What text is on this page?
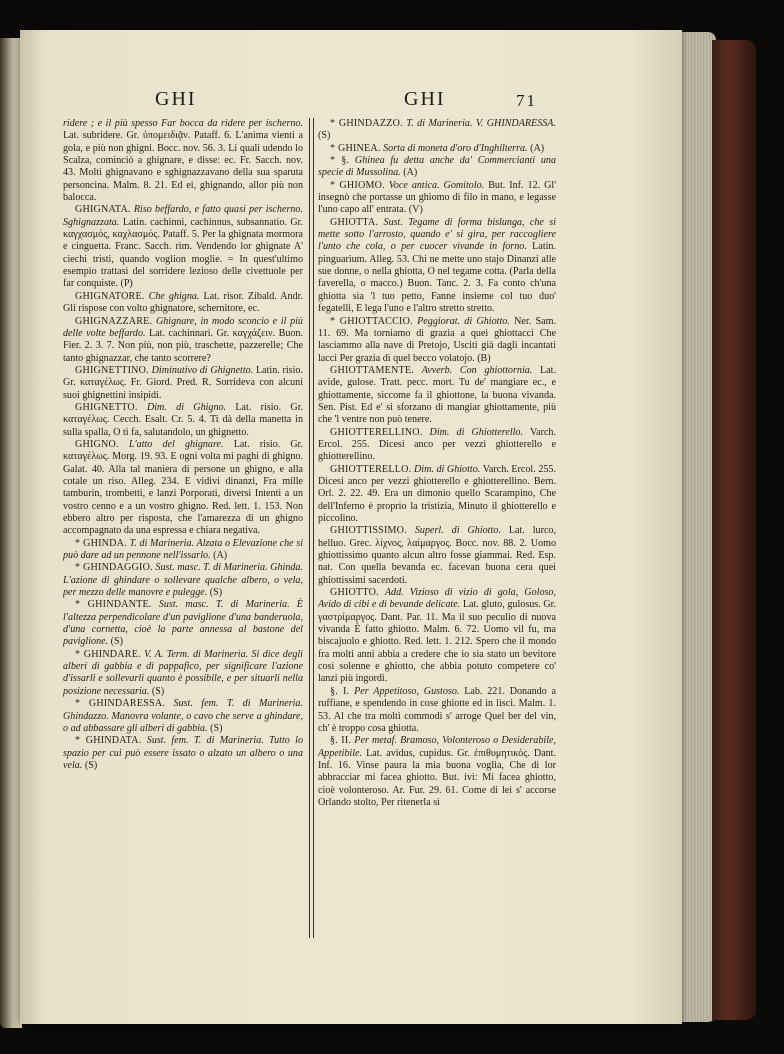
GHI	GHI	71

ridere ; e il più spesso Far bocca da ridere per ischerno. Lat. subridere. Gr. ὑπομειδιᾷν. Pataff. 6. L'anima vienti a gola, e più non ghigni. Bocc. nov. 56. 3. Li quali udendo lo Scalza, cominciò a ghignare, e disse: ec. Fr. Sacch. nov. 43. Molti ghignavano e sghignazzavano della sua sparuta personcina. Malm. 8. 21. Ed ei, ghignando, allor più non balocca.

GHIGNATA. Riso beffardo, e fatto quasi per ischerno. Sghignazzata. Latin. cachinni, cachinnus, subsannatio. Gr. καγχασμός, καχλασμός. Pataff. 5. Per la ghignata mormora e cinguetta. Franc. Sacch. rim. Vendendo lor ghignate A' ciechi tristi, quando voglion moglie. = In quest'ultimo esempio trattasi del sorridere lezioso delle civettuole per far conquiste. (P)

GHIGNATORE. Che ghigna. Lat. risor. Zibald. Andr. Gli rispose con volto ghignatore, schernitore, ec.

GHIGNAZZARE. Ghignare, in modo sconcio e il più delle volte beffardo. Lat. cachinnari. Gr. καγχάζειν. Buon. Fier. 2. 3. 7. Non più, non più, traschette, pazzerelle; Che tanto ghignazzar, che tanto scorrere?

GHIGNETTINO. Diminutivo di Ghignetto. Latin. risio. Gr. καταγέλως. Fr. Giord. Pred. R. Sorrideva con alcuni suoi ghignettini insipidi.

GHIGNETTO. Dim. di Ghigno. Lat. risio. Gr. καταγέλως. Cecch. Esalt. Cr. 5. 4. Ti dà della manetta in sulla spalla, O ti fa, salutandolo, un ghignetto.

GHIGNO. L'atto del ghignare. Lat. risio. Gr. καταγέλως. Morg. 19. 93. E ogni volta mi paghi di ghigno. Galat. 40. Alla tal maniera di persone un ghigno, e alla cotale un riso. Alleg. 234. E vidivi dinanzi, Fra mille tamburin, trombetti, e lanzi Porporati, diversi Intenti a un vostro cenno e a un vostro ghigno. Red. lett. 1. 153. Non ebbero altro per risposta, che l'amarezza di un ghigno accompagnato da una espressa e chiara negativa.

* GHINDA. T. di Marineria. Alzata o Elevazione che si può dare ad un pennone nell'issarlo. (A)

* GHINDAGGIO. Sust. masc. T. di Marineria. Ghinda. L'azione di ghindare o sollevare qualche albero, o vela, per mezzo delle manovre e pulegge. (S)

* GHINDANTE. Sust. masc. T. di Marineria. È l'altezza perpendicolare d'un paviglione d'una banderuola, d'una cornetta, cioè la parte annessa al bastone del paviglione. (S)

* GHINDARE. V. A. Term. di Marineria. Si dice degli alberi di gabbia e di pappafico, per significare l'azione d'issarli e sollevarli quanto è possibile, e per situarli nella posizione necessaria. (S)

* GHINDARESSA. Sust. fem. T. di Marineria. Ghindazzo. Manovra volante, o cavo che serve a ghindare, o ad abbassare gli alberi di gabbia. (S)

* GHINDATA. Sust. fem. T. di Marineria. Tutto lo spazio per cui può essere issato o alzato un albero o una vela. (S)

* GHINDAZZO. T. di Marineria. V. GHINDARESSA. (S)

* GHINEA. Sorta di moneta d'oro d'Inghilterra. (A)

* §. Ghinea fu detta anche da' Commercianti una specie di Mussolina. (A)

* GHIOMO. Voce antica. Gomitolo. But. Inf. 12. Gl' insegnò che portasse un ghiomo di filo in mano, e legasse l'uno capo all' entrata. (V)

GHIOTTA. Sust. Tegame di forma bislunga, che si mette sotto l'arrosto, quando e' si gira, per raccogliere l'unto che cola, o per cuocer vivande in forno. Latin. pinguarium. Alleg. 53. Chi ne mette uno stajo Dinanzi alle sue donne, o nella ghiotta, O nel tegame cotta. (Parla della faverella, o macco.) Buon. Tanc. 2. 3. Fa conto ch'una ghiotta sia 'l tuo petto, Fanne insieme col tuo duo' fegatelli, E lega l'uno e l'altro stretto stretto.

* GHIOTTACCIO. Peggiorat. di Ghiotto. Ner. Sam. 11. 69. Ma torniamo di grazia a quei ghiottacci Che lasciammo alla nave di Pretojo, Usciti già dagli incantati lacci Per grazia di quel becco volatojo. (B)

GHIOTTAMENTE. Avverb. Con ghiottornia. Lat. avide, gulose. Tratt. pecc. mort. Tu de' mangiare ec., e ghiottamente, siccome fa il ghiottone, la buona vivanda. Sen. Pist. Ed e' si sforzano di mangiar ghiottamente, più che 'l ventre non può tenere.

GHIOTTERELLINO. Dim. di Ghiotterello. Varch. Ercol. 255. Dicesi anco per vezzi ghiotterello e ghiotterellino.

GHIOTTERELLO. Dim. di Ghiotto. Varch. Ercol. 255. Dicesi anco per vezzi ghiotterello e ghiotterellino. Bern. Orl. 2. 22. 49. Era un dimonio quello Scarampino, Che dell'Inferno è proprio la tristizia, Minuto il ghiotterello e piccolino.

GHIOTTISSIMO. Superl. di Ghiotto. Lat. lurco, helluo. Grec. λίχνος, λαίμαργος. Bocc. nov. 88. 2. Uomo ghiottissimo quanto alcun altro fosse giammai. Red. Esp. nat. Con quella bevanda ec. facevan buona cera quei ghiottissimi sacerdoti.

GHIOTTO. Add. Vizioso di vizio di gola, Goloso, Avido di cibi e di bevande delicate. Lat. gluto, gulosus. Gr. γαστρίμαργος. Dant. Par. 11. Ma il suo peculio di nuova vivanda È fatto ghiotto. Malm. 6. 72. Uomo vil fu, ma biscajuolo e ghiotto. Red. lett. 1. 212. Spero che il mondo fra molti anni abbia a credere che io sia stato un bevitore così solenne e ghiotto, che abbia potuto competere co' lanzi più ingordi.

§. I. Per Appetitoso, Gustoso. Lab. 221. Donando a ruffiane, e spendendo in cose ghiotte ed in lisci. Malm. 1. 53. Al che tra molti commodi s' arroge Quel ber del vin, ch' è troppo cosa ghiotta.

§. II. Per metaf. Bramoso, Volonteroso o Desiderabile, Appetibile. Lat. avidus, cupidus. Gr. ἐπιθυμητικός. Dant. Inf. 16. Vinse paura la mia buona voglia, Che di lor abbracciar mi facea ghiotto. But. ivi: Mi facea ghiotto, cioè volonteroso. Ar. Fur. 29. 61. Come di lei s' accorse Orlando stolto, Per ritenerla sì
